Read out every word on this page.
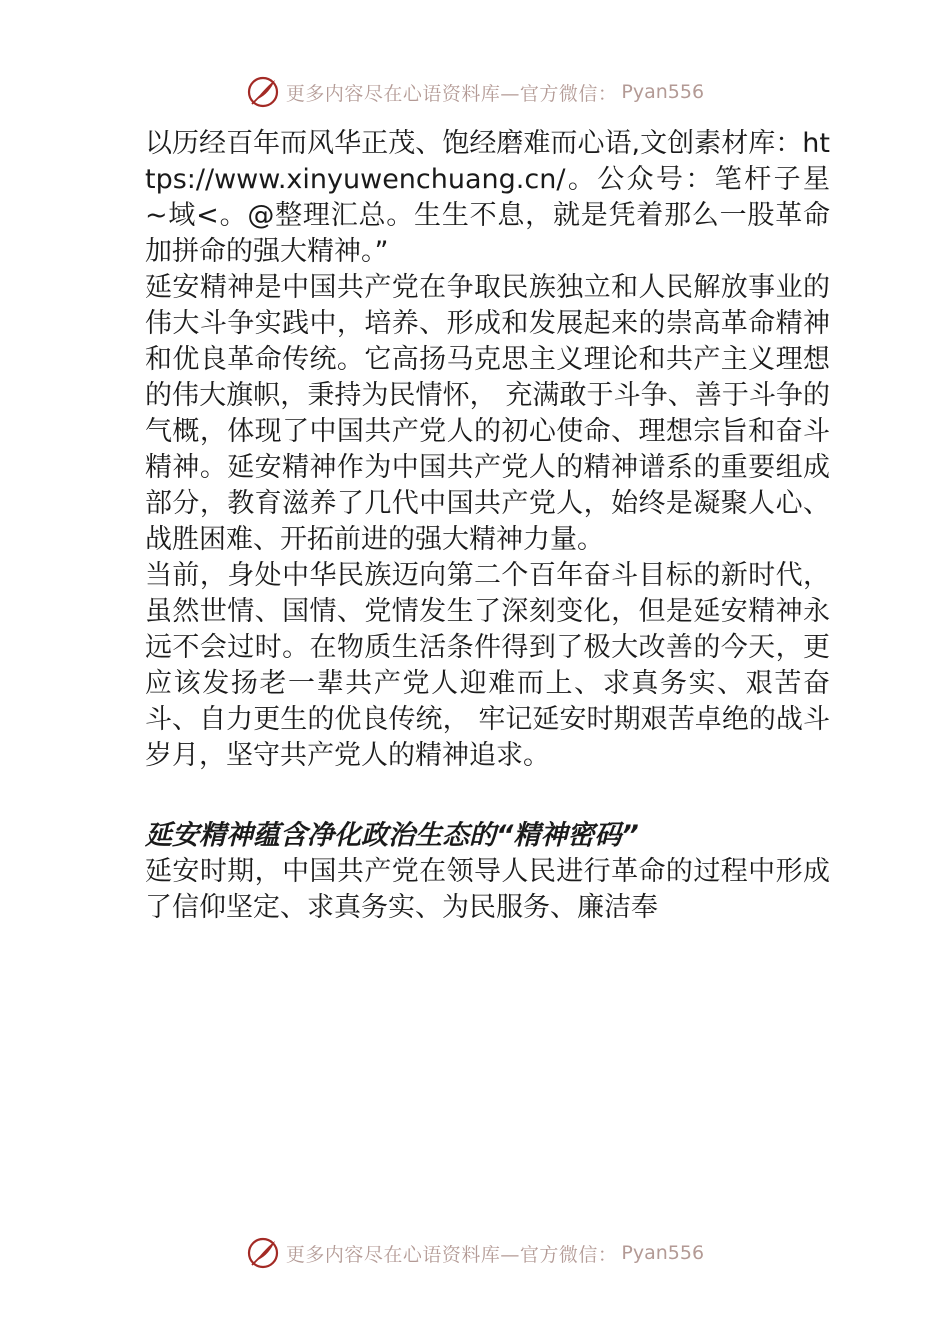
更多内容尽在心语资料库—官方微信： Pyan556

以历经百年而风华正茂、饱经磨难而心语,文创素材库：https://www.xinyuwenchuang.cn/。公众号：笔杆子星~域<。@整理汇总。生生不息，就是凭着那么一股革命加拼命的强大精神。”

延安精神是中国共产党在争取民族独立和人民解放事业的伟大斗争实践中，培养、形成和发展起来的崇高革命精神和优良革命传统。它高扬马克思主义理论和共产主义理想的伟大旗帜，秉持为民情怀， 充满敢于斗争、善于斗争的气概，体现了中国共产党人的初心使命、理想宗旨和奋斗精神。延安精神作为中国共产党人的精神谱系的重要组成部分，教育滋养了几代中国共产党人，始终是凝聚人心、战胜困难、开拓前进的强大精神力量。

当前，身处中华民族迈向第二个百年奋斗目标的新时代，虽然世情、国情、党情发生了深刻变化，但是延安精神永远不会过时。在物质生活条件得到了极大改善的今天，更应该发扬老一辈共产党人迎难而上、求真务实、艰苦奋斗、自力更生的优良传统， 牢记延安时期艰苦卓绝的战斗岁月，坚守共产党人的精神追求。

延安精神蕴含净化政治生态的“精神密码”

延安时期，中国共产党在领导人民进行革命的过程中形成了信仰坚定、求真务实、为民服务、廉洁奉

更多内容尽在心语资料库—官方微信： Pyan556
